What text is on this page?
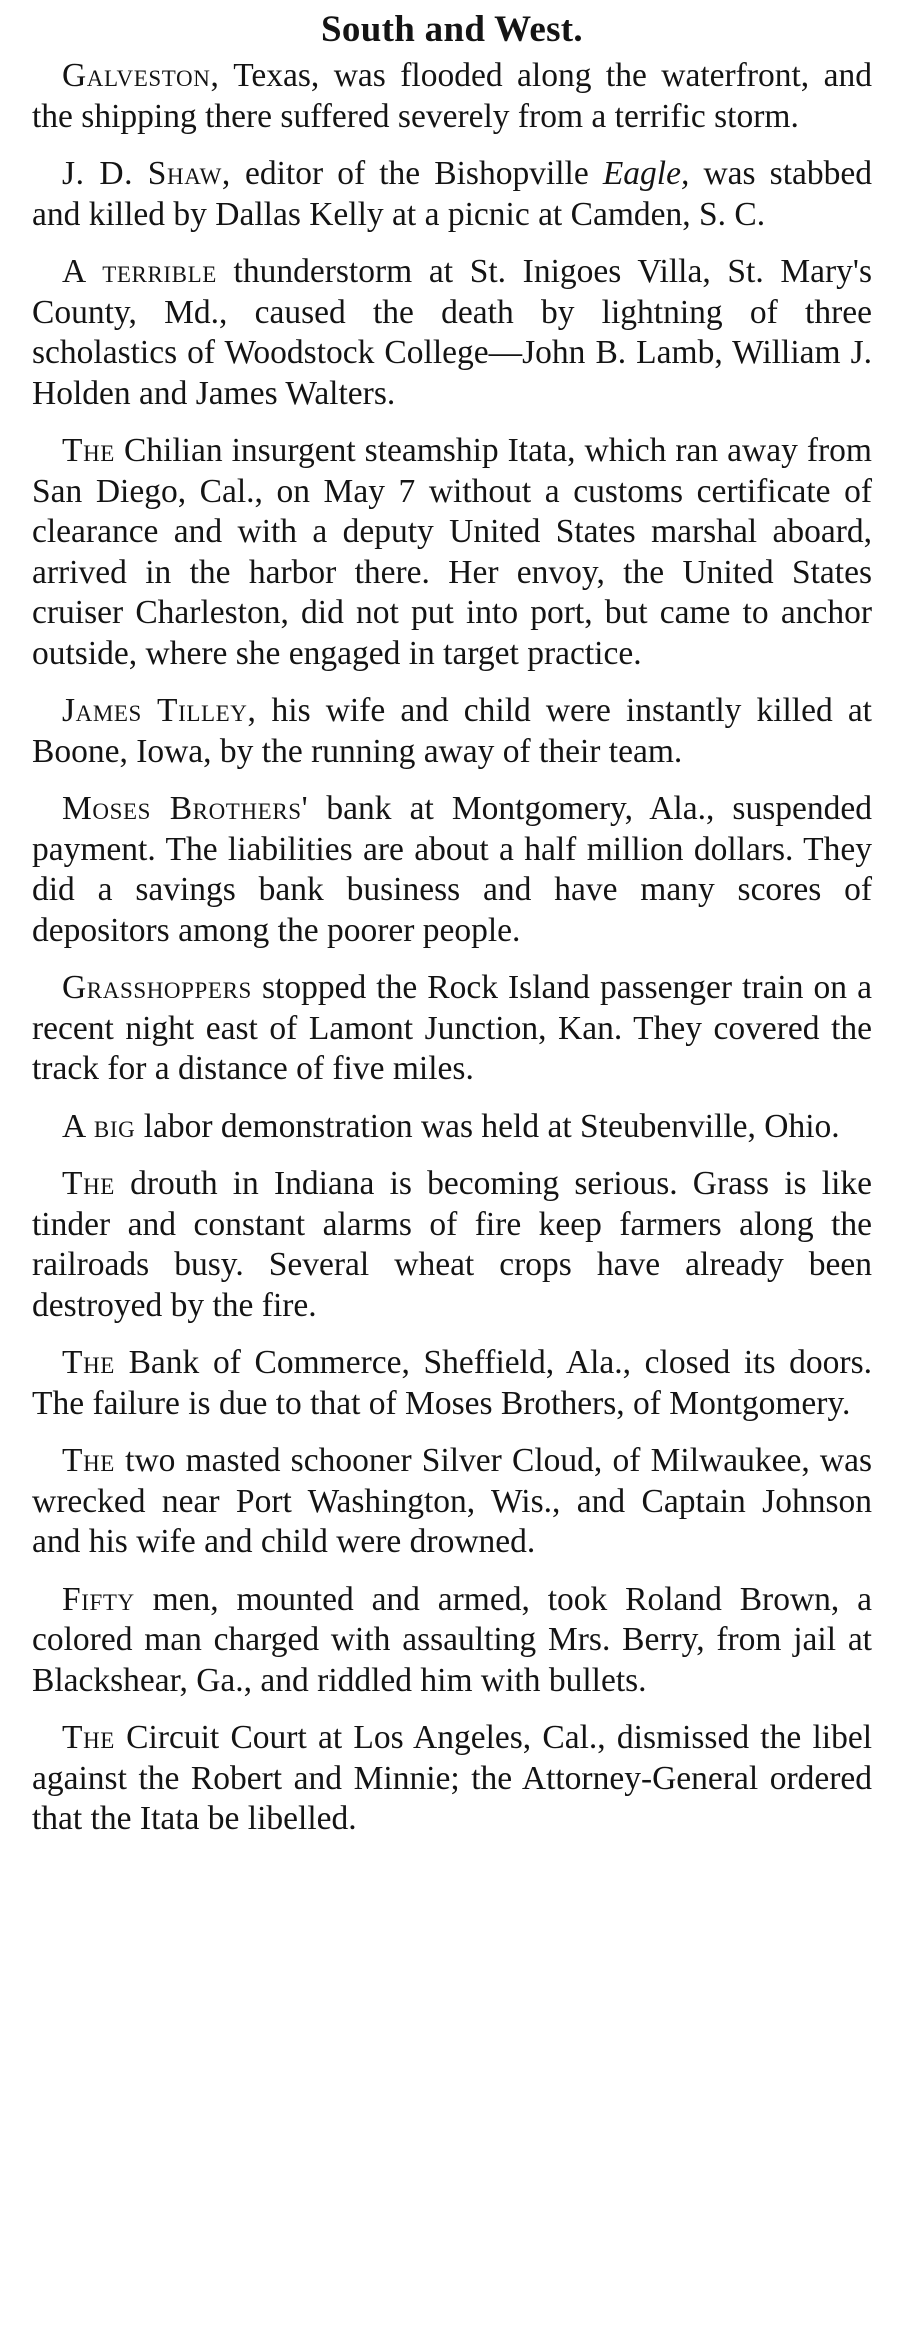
South and West.

Galveston, Texas, was flooded along the waterfront, and the shipping there suffered severely from a terrific storm.

J. D. Shaw, editor of the Bishopville Eagle, was stabbed and killed by Dallas Kelly at a picnic at Camden, S. C.

A terrible thunderstorm at St. Inigoes Villa, St. Mary's County, Md., caused the death by lightning of three scholastics of Woodstock College—John B. Lamb, William J. Holden and James Walters.

The Chilian insurgent steamship Itata, which ran away from San Diego, Cal., on May 7 without a customs certificate of clearance and with a deputy United States marshal aboard, arrived in the harbor there. Her envoy, the United States cruiser Charleston, did not put into port, but came to anchor outside, where she engaged in target practice.

James Tilley, his wife and child were instantly killed at Boone, Iowa, by the running away of their team.

Moses Brothers' bank at Montgomery, Ala., suspended payment. The liabilities are about a half million dollars. They did a savings bank business and have many scores of depositors among the poorer people.

Grasshoppers stopped the Rock Island passenger train on a recent night east of Lamont Junction, Kan. They covered the track for a distance of five miles.

A big labor demonstration was held at Steubenville, Ohio.

The drouth in Indiana is becoming serious. Grass is like tinder and constant alarms of fire keep farmers along the railroads busy. Several wheat crops have already been destroyed by the fire.

The Bank of Commerce, Sheffield, Ala., closed its doors. The failure is due to that of Moses Brothers, of Montgomery.

The two masted schooner Silver Cloud, of Milwaukee, was wrecked near Port Washington, Wis., and Captain Johnson and his wife and child were drowned.

Fifty men, mounted and armed, took Roland Brown, a colored man charged with assaulting Mrs. Berry, from jail at Blackshear, Ga., and riddled him with bullets.

The Circuit Court at Los Angeles, Cal., dismissed the libel against the Robert and Minnie; the Attorney-General ordered that the Itata be libelled.
